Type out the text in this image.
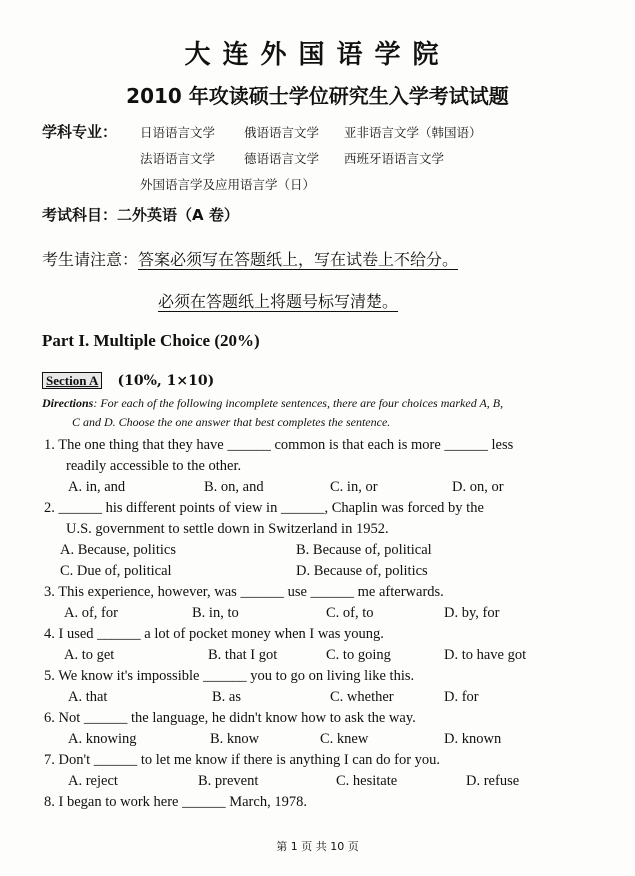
大连外国语学院
2010 年攻读硕士学位研究生入学考试试题
学科专业： 日语语言文学 俄语语言文学 亚非语言文学（韩国语）
法语语言文学 德语语言文学 西班牙语语言文学
外国语言学及应用语言学（日）
考试科目：二外英语（A 卷）
考生请注意：答案必须写在答题纸上，写在试卷上不给分。
必须在答题纸上将题号标写清楚。
Part I. Multiple Choice (20%)
Section A (10%, 1×10)
Directions: For each of the following incomplete sentences, there are four choices marked A, B,
C and D. Choose the one answer that best completes the sentence.
1. The one thing that they have ______ common is that each is more ______ less
readily accessible to the other.
A. in, and	B. on, and	C. in, or	D. on, or
2. ______ his different points of view in ______, Chaplin was forced by the
U.S. government to settle down in Switzerland in 1952.
A. Because, politics	B. Because of, political
C. Due of, political	D. Because of, politics
3. This experience, however, was ______ use ______ me afterwards.
A. of, for	B. in, to	C. of, to	D. by, for
4. I used ______ a lot of pocket money when I was young.
A. to get	B. that I got	C. to going	D. to have got
5. We know it's impossible ______ you to go on living like this.
A. that	B. as	C. whether	D. for
6. Not ______ the language, he didn't know how to ask the way.
A. knowing	B. know	C. knew	D. known
7. Don't ______ to let me know if there is anything I can do for you.
A. reject	B. prevent	C. hesitate	D. refuse
8. I began to work here ______ March, 1978.
第 1 页 共 10 页
